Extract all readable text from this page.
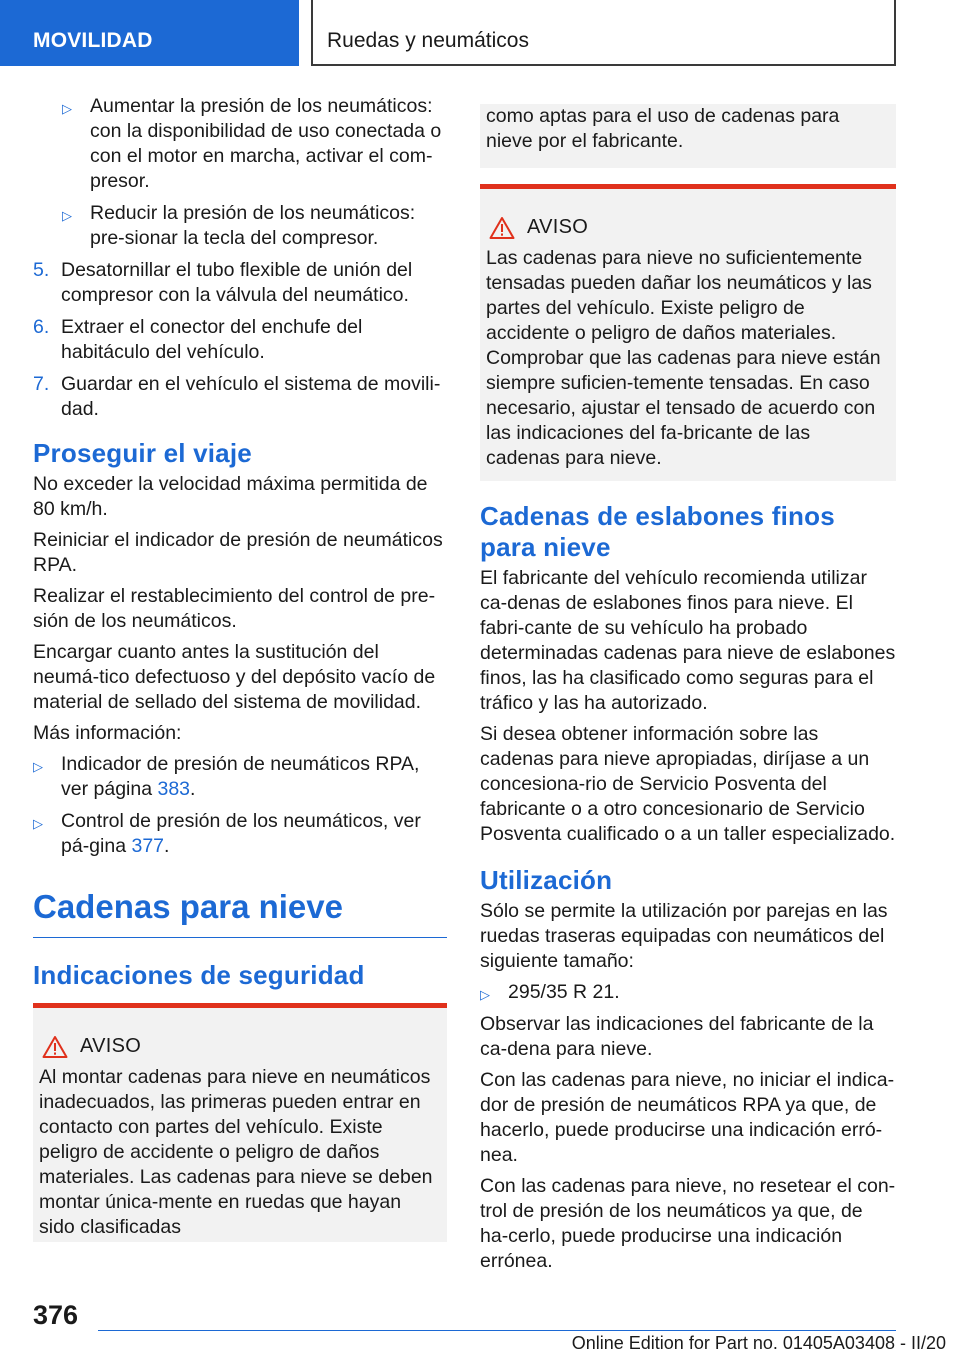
MOVILIDAD	Ruedas y neumáticos
▷ Aumentar la presión de los neumáticos: con la disponibilidad de uso conectada o con el motor en marcha, activar el com-presor.
▷ Reducir la presión de los neumáticos: pre-sionar la tecla del compresor.
5. Desatornillar el tubo flexible de unión del compresor con la válvula del neumático.
6. Extraer el conector del enchufe del habitáculo del vehículo.
7. Guardar en el vehículo el sistema de movili-dad.
Proseguir el viaje
No exceder la velocidad máxima permitida de 80 km/h.
Reiniciar el indicador de presión de neumáticos RPA.
Realizar el restablecimiento del control de pre-sión de los neumáticos.
Encargar cuanto antes la sustitución del neumá-tico defectuoso y del depósito vacío de material de sellado del sistema de movilidad.
Más información:
▷ Indicador de presión de neumáticos RPA, ver página 383.
▷ Control de presión de los neumáticos, ver pá-gina 377.
Cadenas para nieve
Indicaciones de seguridad
AVISO
Al montar cadenas para nieve en neumáticos inadecuados, las primeras pueden entrar en contacto con partes del vehículo. Existe peligro de accidente o peligro de daños materiales. Las cadenas para nieve se deben montar única-mente en ruedas que hayan sido clasificadas
como aptas para el uso de cadenas para nieve por el fabricante.
AVISO
Las cadenas para nieve no suficientemente tensadas pueden dañar los neumáticos y las partes del vehículo. Existe peligro de accidente o peligro de daños materiales. Comprobar que las cadenas para nieve están siempre suficien-temente tensadas. En caso necesario, ajustar el tensado de acuerdo con las indicaciones del fa-bricante de las cadenas para nieve.
Cadenas de eslabones finos para nieve
El fabricante del vehículo recomienda utilizar ca-denas de eslabones finos para nieve. El fabri-cante de su vehículo ha probado determinadas cadenas para nieve de eslabones finos, las ha clasificado como seguras para el tráfico y las ha autorizado.
Si desea obtener información sobre las cadenas para nieve apropiadas, diríjase a un concesiona-rio de Servicio Posventa del fabricante o a otro concesionario de Servicio Posventa cualificado o a un taller especializado.
Utilización
Sólo se permite la utilización por parejas en las ruedas traseras equipadas con neumáticos del siguiente tamaño:
▷ 295/35 R 21.
Observar las indicaciones del fabricante de la ca-dena para nieve.
Con las cadenas para nieve, no iniciar el indica-dor de presión de neumáticos RPA ya que, de hacerlo, puede producirse una indicación erró-nea.
Con las cadenas para nieve, no resetear el con-trol de presión de los neumáticos ya que, de ha-cerlo, puede producirse una indicación errónea.
376
Online Edition for Part no. 01405A03408 - II/20
